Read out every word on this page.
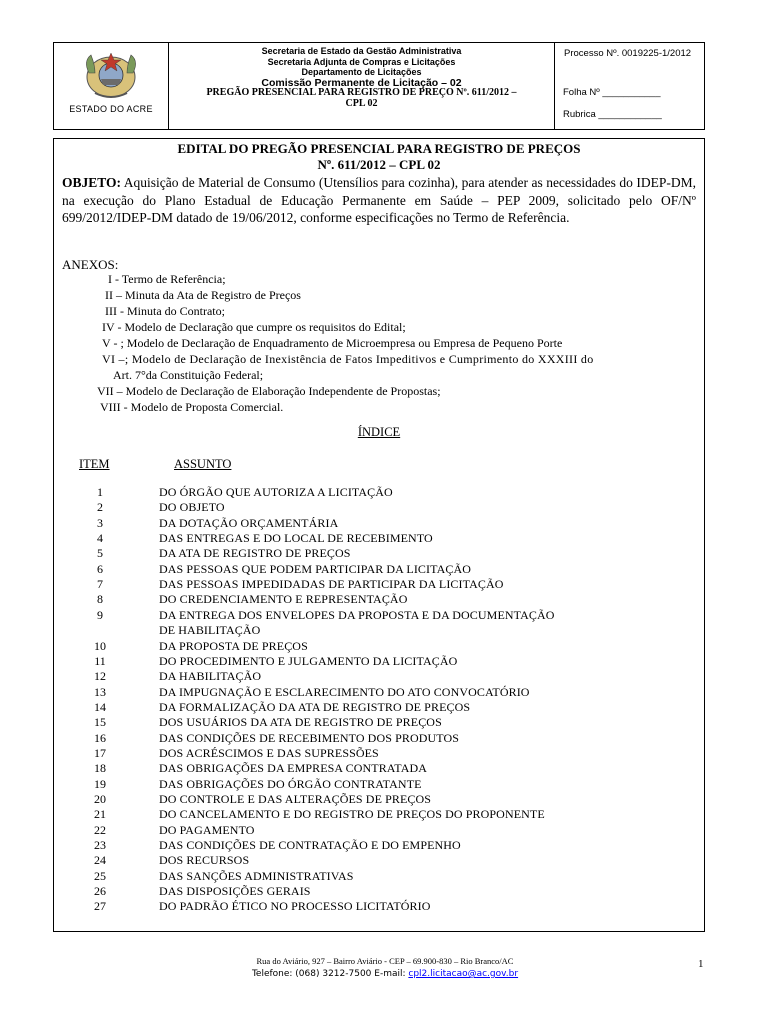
ESTADO DO ACRE
Secretaria de Estado da Gestão Administrativa
Secretaria Adjunta de Compras e Licitações
Departamento de Licitações
Comissão Permanente de Licitação – 02
PREGÃO PRESENCIAL PARA REGISTRO DE PREÇO Nº. 611/2012 –
CPL 02
Processo Nº. 0019225-1/2012
Folha Nº ___________
Rubrica ____________
EDITAL DO PREGÃO PRESENCIAL PARA REGISTRO DE PREÇOS
Nº. 611/2012 – CPL 02
OBJETO: Aquisição de Material de Consumo (Utensílios para cozinha), para atender as necessidades do IDEP-DM, na execução do Plano Estadual de Educação Permanente em Saúde – PEP 2009, solicitado pelo OF/Nº 699/2012/IDEP-DM datado de 19/06/2012, conforme especificações no Termo de Referência.
ANEXOS:
I - Termo de Referência;
II – Minuta da Ata de Registro de Preços
III - Minuta do Contrato;
IV - Modelo de Declaração que cumpre os requisitos do Edital;
V - ; Modelo de Declaração de Enquadramento de Microempresa ou Empresa de Pequeno Porte
VI –; Modelo de Declaração de Inexistência de Fatos Impeditivos e Cumprimento do XXXIII do
Art. 7°da Constituição Federal;
VII – Modelo de Declaração de Elaboração Independente de Propostas;
VIII - Modelo de Proposta Comercial.
ÍNDICE
ITEM	ASSUNTO
1	DO ÓRGÃO QUE AUTORIZA A LICITAÇÃO
2	DO OBJETO
3	DA DOTAÇÃO ORÇAMENTÁRIA
4	DAS ENTREGAS E DO LOCAL DE RECEBIMENTO
5	DA ATA DE REGISTRO DE PREÇOS
6	DAS PESSOAS QUE PODEM PARTICIPAR DA LICITAÇÃO
7	DAS PESSOAS IMPEDIDADAS DE PARTICIPAR DA LICITAÇÃO
8	DO CREDENCIAMENTO E REPRESENTAÇÃO
9	DA ENTREGA DOS ENVELOPES DA PROPOSTA E DA DOCUMENTAÇÃO
DE HABILITAÇÃO
10	DA PROPOSTA DE PREÇOS
11	DO PROCEDIMENTO E JULGAMENTO DA LICITAÇÃO
12	DA HABILITAÇÃO
13	DA IMPUGNAÇÃO E ESCLARECIMENTO DO ATO CONVOCATÓRIO
14	DA FORMALIZAÇÃO DA ATA DE REGISTRO DE PREÇOS
15	DOS USUÁRIOS DA ATA DE REGISTRO DE PREÇOS
16	DAS CONDIÇÕES DE RECEBIMENTO DOS PRODUTOS
17	DOS ACRÉSCIMOS E DAS SUPRESSÕES
18	DAS OBRIGAÇÕES DA EMPRESA CONTRATADA
19	DAS OBRIGAÇÕES DO ÓRGÃO CONTRATANTE
20	DO CONTROLE E DAS ALTERAÇÕES DE PREÇOS
21	DO CANCELAMENTO E DO REGISTRO DE PREÇOS DO PROPONENTE
22	DO PAGAMENTO
23	DAS CONDIÇÕES DE CONTRATAÇÃO E DO EMPENHO
24	DOS RECURSOS
25	DAS SANÇÕES ADMINISTRATIVAS
26	DAS DISPOSIÇÕES GERAIS
27	DO PADRÃO ÉTICO NO PROCESSO LICITATÓRIO
Rua do Aviário, 927 – Bairro Aviário - CEP – 69.900-830 – Rio Branco/AC
Telefone: (068) 3212-7500 E-mail: cpl2.licitacao@ac.gov.br
1
